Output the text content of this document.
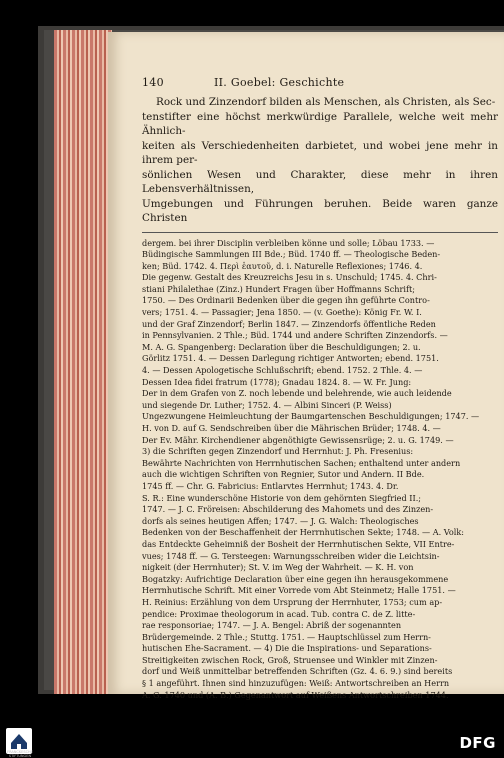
140	II. Goebel: Geschichte

Rock und Zinzendorf bilden als Menschen, als Christen, als Sec-

tenstifter eine höchst merkwürdige Parallele, welche weit mehr Ähnlich-

keiten als Verschiedenheiten darbietet, und wobei jene mehr in ihrem per-

sönlichen Wesen und Charakter, diese mehr in ihren Lebensverhältnissen,

Umgebungen und Führungen beruhen. Beide waren ganze Christen

dergem. bei ihrer Disciplin verbleiben könne und solle; Löbau 1733. —

Büdingische Sammlungen III Bde.; Büd. 1740 ff. — Theologische Beden-

ken; Büd. 1742. 4. Περὶ ἑαυτοῦ, d. i. Naturelle Reflexiones; 1746. 4.

Die gegenw. Gestalt des Kreuzreichs Jesu in s. Unschuld; 1745. 4. Chri-

stiani Philalethae (Zinz.) Hundert Fragen über Hoffmanns Schrift;

1750. — Des Ordinarii Bedenken über die gegen ihn geführte Contro-

vers; 1751. 4. — Passagier; Jena 1850. — (v. Goethe): König Fr. W. I.

und der Graf Zinzendorf; Berlin 1847. — Zinzendorfs öffentliche Reden

in Pennsylvanien. 2 Thle.; Büd. 1744 und andere Schriften Zinzendorfs. —

M. A. G. Spangenberg: Declaration über die Beschuldigungen; 2. u.

Görlitz 1751. 4. — Dessen Darlegung richtiger Antworten; ebend. 1751.

4. — Dessen Apologetische Schlußschrift; ebend. 1752. 2 Thle. 4. —

Dessen Idea fidei fratrum (1778); Gnadau 1824. 8. — W. Fr. Jung:

Der in dem Grafen von Z. noch lebende und belehrende, wie auch leidende

und siegende Dr. Luther; 1752. 4. — Albini Sinceri (P. Weiss)

Ungezwungene Heimleuchtung der Baumgartenschen Beschuldigungen; 1747. —

H. von D. auf G. Sendschreiben über die Mährischen Brüder; 1748. 4. —

Der Ev. Mähr. Kirchendiener abgenöthigte Gewissensrüge; 2. u. G. 1749. —

3) die Schriften gegen Zinzendorf und Herrnhut: J. Ph. Fresenius:

Bewährte Nachrichten von Herrnhutischen Sachen; enthaltend unter andern

auch die wichtigen Schriften von Regnier, Sutor und Andern. II Bde.

1745 ff. — Chr. G. Fabricius: Entlarvtes Herrnhut; 1743. 4. Dr.

S. R.: Eine wunderschöne Historie von dem gehörnten Siegfried II.;

1747. — J. C. Fröreisen: Abschilderung des Mahomets und des Zinzen-

dorfs als seines heutigen Affen; 1747. — J. G. Walch: Theologisches

Bedenken von der Beschaffenheit der Herrnhutischen Sekte; 1748. — A. Volk:

das Entdeckte Geheimniß der Bosheit der Herrnhutischen Sekte, VII Entre-

vues; 1748 ff. — G. Tersteegen: Warnungsschreiben wider die Leichtsin-

nigkeit (der Herrnhuter); St. V. im Weg der Wahrheit. — K. H. von

Bogatzky: Aufrichtige Declaration über eine gegen ihn herausgekommene

Herrnhutische Schrift. Mit einer Vorrede vom Abt Steinmetz; Halle 1751. —

H. Reinius: Erzählung von dem Ursprung der Herrnhuter, 1753; cum ap-

pendice: Proximae theologorum in acad. Tub. contra C. de Z. litte-

rae responsoriae; 1747. — J. A. Bengel: Abriß der sogenannten

Brüdergemeinde. 2 Thle.; Stuttg. 1751. — Hauptschlüssel zum Herrn-

hutischen Ehe-Sacrament. — 4) Die die Inspirations- und Separations-

Streitigkeiten zwischen Rock, Groß, Struensee und Winkler mit Zinzen-

dorf und Weiß unmittelbar betreffenden Schriften (Gz. 4. 6. 9.) sind bereits

§ 1 angeführt. Ihnen sind hinzuzufügen: Weiß: Antwortschreiben an Herrn

A. G. 1740 und (A. B.) Gegenantwort auf Weißens Antwortschreiben 1744.

FRANCKESCHE STIFTUNGEN
DFG
